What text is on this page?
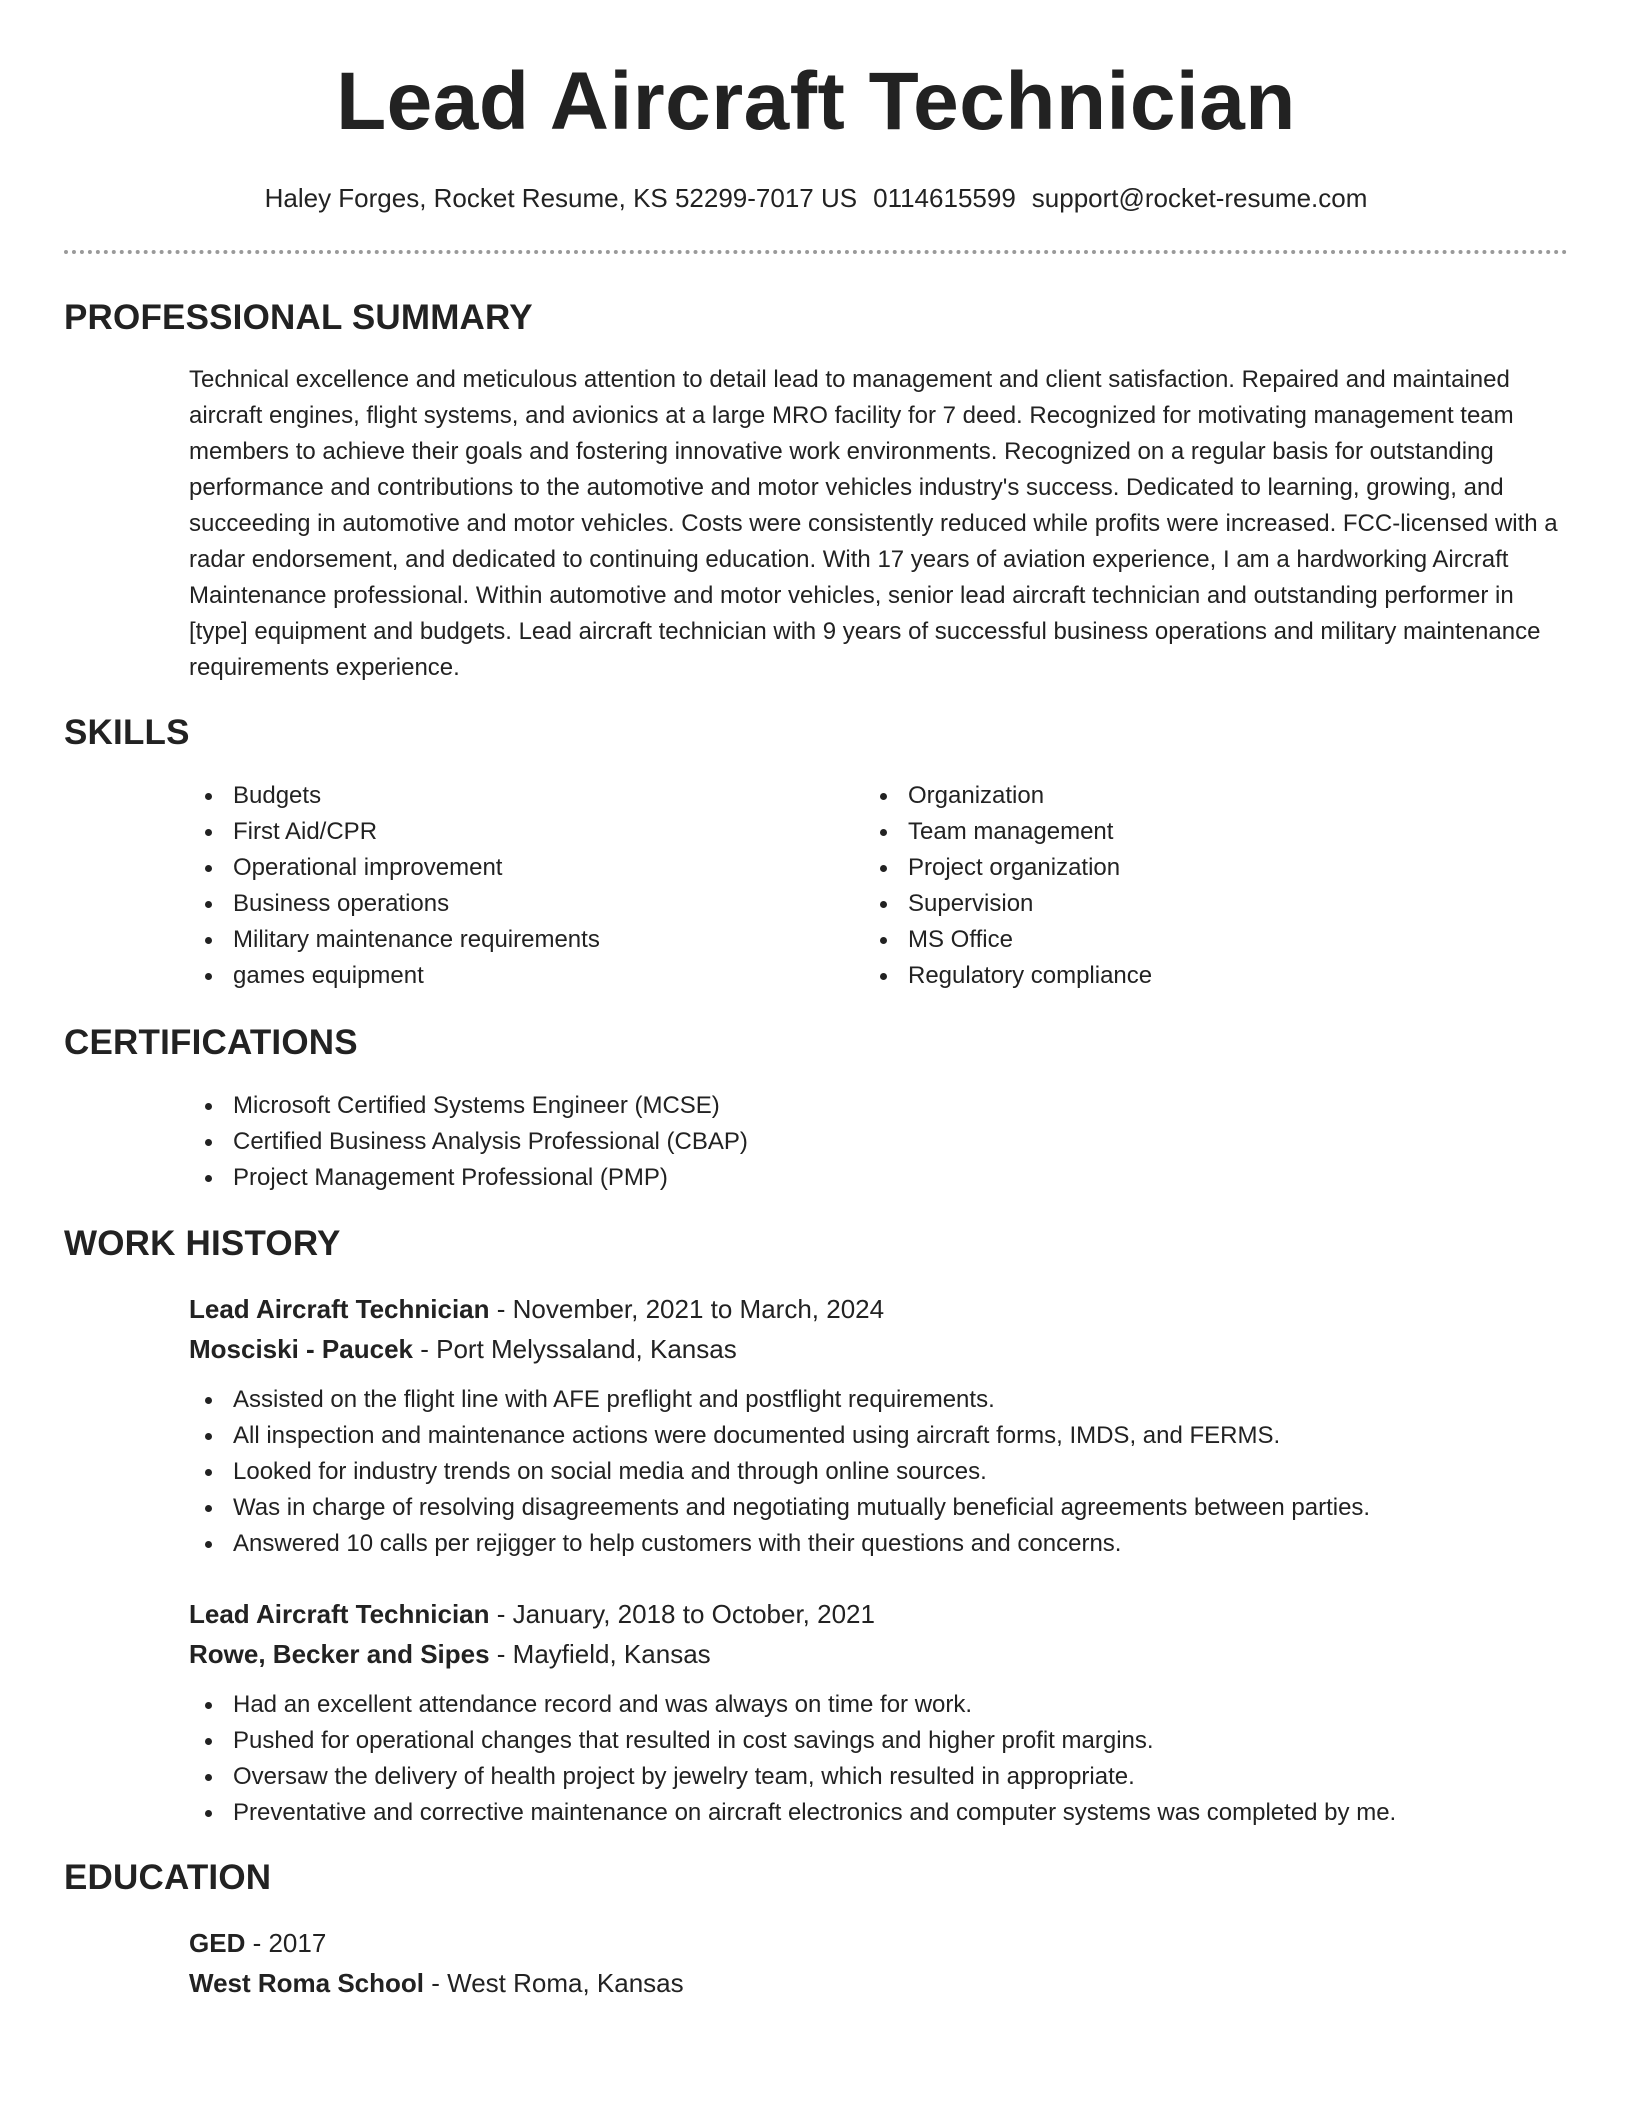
Lead Aircraft Technician
Haley Forges, Rocket Resume, KS 52299-7017 US 0114615599 support@rocket-resume.com
PROFESSIONAL SUMMARY
Technical excellence and meticulous attention to detail lead to management and client satisfaction. Repaired and maintained aircraft engines, flight systems, and avionics at a large MRO facility for 7 deed. Recognized for motivating management team members to achieve their goals and fostering innovative work environments. Recognized on a regular basis for outstanding performance and contributions to the automotive and motor vehicles industry's success. Dedicated to learning, growing, and succeeding in automotive and motor vehicles. Costs were consistently reduced while profits were increased. FCC-licensed with a radar endorsement, and dedicated to continuing education. With 17 years of aviation experience, I am a hardworking Aircraft Maintenance professional. Within automotive and motor vehicles, senior lead aircraft technician and outstanding performer in [type] equipment and budgets. Lead aircraft technician with 9 years of successful business operations and military maintenance requirements experience.
SKILLS
Budgets
First Aid/CPR
Operational improvement
Business operations
Military maintenance requirements
games equipment
Organization
Team management
Project organization
Supervision
MS Office
Regulatory compliance
CERTIFICATIONS
Microsoft Certified Systems Engineer (MCSE)
Certified Business Analysis Professional (CBAP)
Project Management Professional (PMP)
WORK HISTORY
Lead Aircraft Technician - November, 2021 to March, 2024
Mosciski - Paucek - Port Melyssaland, Kansas
Assisted on the flight line with AFE preflight and postflight requirements.
All inspection and maintenance actions were documented using aircraft forms, IMDS, and FERMS.
Looked for industry trends on social media and through online sources.
Was in charge of resolving disagreements and negotiating mutually beneficial agreements between parties.
Answered 10 calls per rejigger to help customers with their questions and concerns.
Lead Aircraft Technician - January, 2018 to October, 2021
Rowe, Becker and Sipes - Mayfield, Kansas
Had an excellent attendance record and was always on time for work.
Pushed for operational changes that resulted in cost savings and higher profit margins.
Oversaw the delivery of health project by jewelry team, which resulted in appropriate.
Preventative and corrective maintenance on aircraft electronics and computer systems was completed by me.
EDUCATION
GED - 2017
West Roma School - West Roma, Kansas
